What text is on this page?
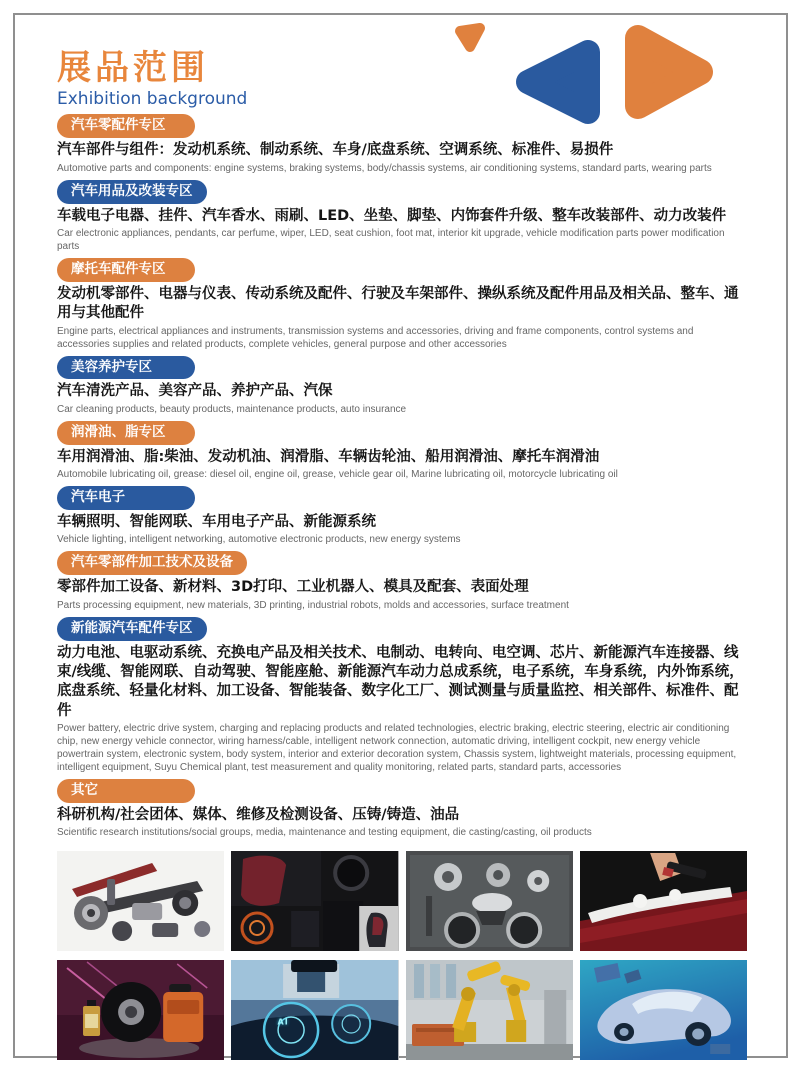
展品范围
Exhibition background
汽车零配件专区

汽车部件与组件：发动机系统、制动系统、车身/底盘系统、空调系统、标准件、易损件

Automotive parts and components: engine systems, braking systems, body/chassis systems, air conditioning systems, standard parts, wearing parts

汽车用品及改装专区

车载电子电器、挂件、汽车香水、雨刷、LED、坐垫、脚垫、内饰套件升级、整车改装部件、动力改装件

Car electronic appliances, pendants, car perfume, wiper, LED, seat cushion, foot mat, interior kit upgrade, vehicle modification parts power modification parts

摩托车配件专区

发动机零部件、电器与仪表、传动系统及配件、行驶及车架部件、操纵系统及配件用品及相关品、整车、通用与其他配件

Engine parts, electrical appliances and instruments, transmission systems and accessories, driving and frame components, control systems and accessories supplies and related products, complete vehicles, general purpose and other accessories

美容养护专区

汽车清洗产品、美容产品、养护产品、汽保

Car cleaning products, beauty products, maintenance products, auto insurance

润滑油、脂专区

车用润滑油、脂:柴油、发动机油、润滑脂、车辆齿轮油、船用润滑油、摩托车润滑油

Automobile lubricating oil, grease: diesel oil, engine oil, grease, vehicle gear oil, Marine lubricating oil, motorcycle lubricating oil

汽车电子

车辆照明、智能网联、车用电子产品、新能源系统

Vehicle lighting, intelligent networking, automotive electronic products, new energy systems

汽车零部件加工技术及设备

零部件加工设备、新材料、3D打印、工业机器人、模具及配套、表面处理

Parts processing equipment, new materials, 3D printing, industrial robots, molds and accessories, surface treatment

新能源汽车配件专区

动力电池、电驱动系统、充换电产品及相关技术、电制动、电转向、电空调、芯片、新能源汽车连接器、线束/线缆、智能网联、自动驾驶、智能座舱、新能源汽车动力总成系统，电子系统，车身系统，内外饰系统，底盘系统、轻量化材料、加工设备、智能装备、数字化工厂、测试测量与质量监控、相关部件、标准件、配件

Power battery, electric drive system, charging and replacing products and related technologies, electric braking, electric steering, electric air conditioning chip, new energy vehicle connector, wiring harness/cable, intelligent network connection, automatic driving, intelligent cockpit, new energy vehicle powertrain system, electronic system, body system, interior and exterior decoration system, Chassis system, lightweight materials, processing equipment, intelligent equipment, Suyu Chemical plant, test measurement and quality monitoring, related parts, standard parts, accessories

其它

科研机构/社会团体、媒体、维修及检测设备、压铸/铸造、油品

Scientific research institutions/social groups, media, maintenance and testing equipment, die casting/casting, oil products

AI
